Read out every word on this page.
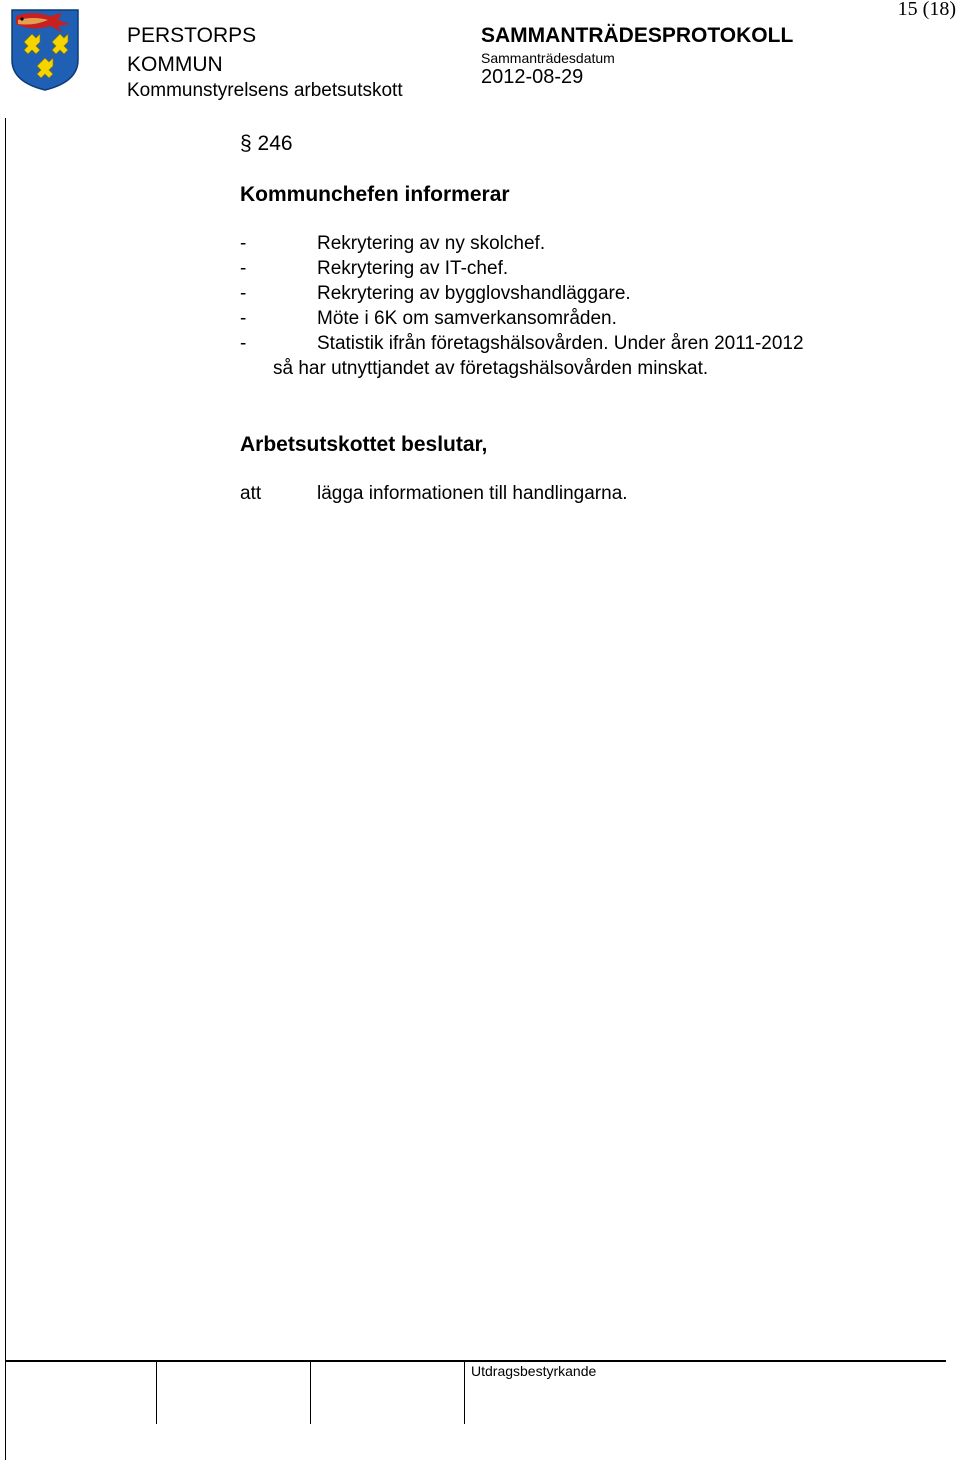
PERSTORPS
KOMMUN
Kommunstyrelsens arbetsutskott
SAMMANTRÄDESPROTOKOLL
Sammanträdesdatum
2012-08-29
15 (18)
§ 246
Kommunchefen informerar
-	Rekrytering av ny skolchef.
-	Rekrytering av IT-chef.
-	Rekrytering av bygglovshandläggare.
-	Möte i 6K om samverkansområden.
-	Statistik ifrån företagshälsovården. Under åren 2011-2012
så har utnyttjandet av företagshälsovården minskat.
Arbetsutskottet beslutar,
att	lägga informationen till handlingarna.
Utdragsbestyrkande
